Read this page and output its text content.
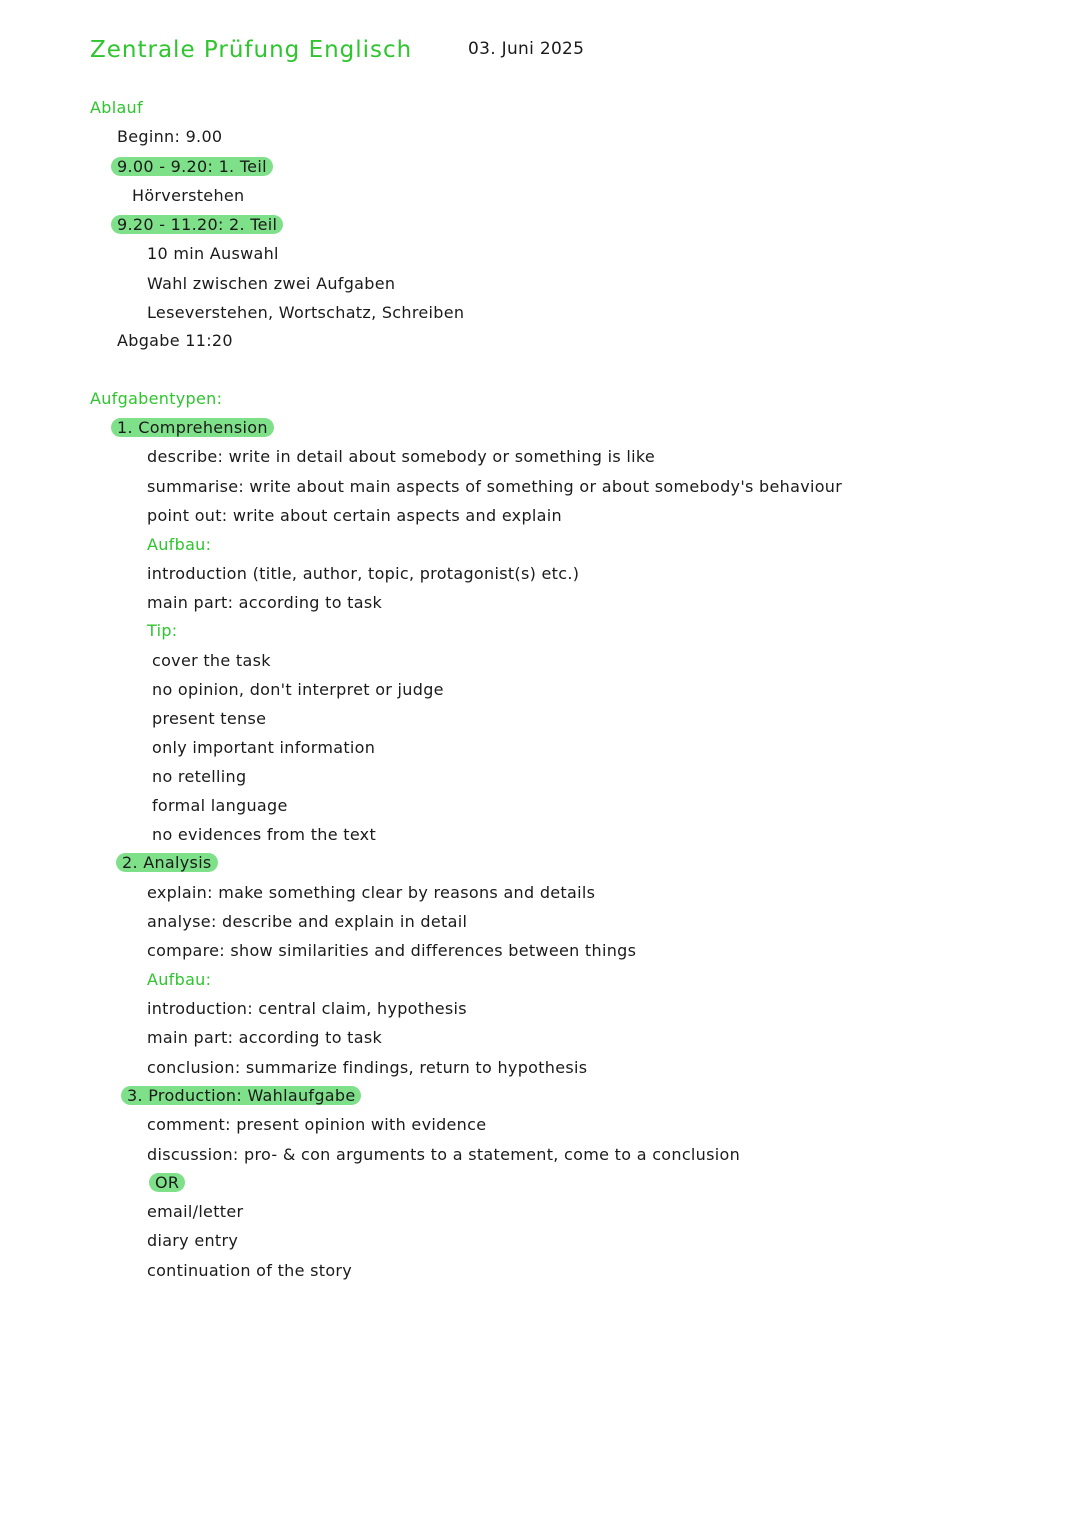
Zentrale Prüfung Englisch	03. Juni 2025
Ablauf
Beginn: 9.00
9.00 - 9.20: 1. Teil
Hörverstehen
9.20 - 11.20: 2. Teil
10 min Auswahl
Wahl zwischen zwei Aufgaben
Leseverstehen, Wortschatz, Schreiben
Abgabe 11:20
Aufgabentypen:
1. Comprehension
describe: write in detail about somebody or something is like
summarise: write about main aspects of something or about somebody's behaviour
point out: write about certain aspects and explain
Aufbau:
introduction (title, author, topic, protagonist(s) etc.)
main part: according to task
Tip:
cover the task
no opinion, don't interpret or judge
present tense
only important information
no retelling
formal language
no evidences from the text
2. Analysis
explain: make something clear by reasons and details
analyse: describe and explain in detail
compare: show similarities and differences between things
Aufbau:
introduction: central claim, hypothesis
main part: according to task
conclusion: summarize findings, return to hypothesis
3. Production: Wahlaufgabe
comment: present opinion with evidence
discussion: pro- & con arguments to a statement, come to a conclusion
OR
email/letter
diary entry
continuation of the story
